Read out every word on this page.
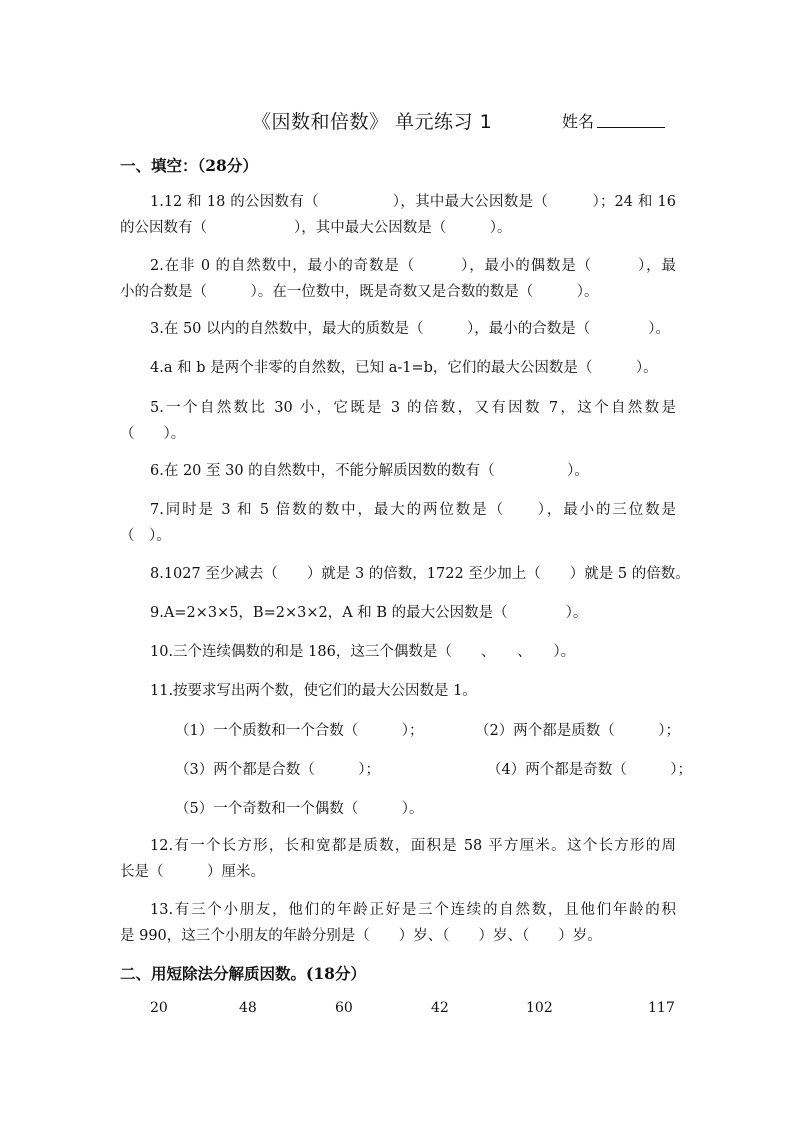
《因数和倍数》 单元练习 1	姓名
一、填空：（28分）
1.12 和 18 的公因数有（　　　　　），其中最大公因数是（　　　）；24 和 16
的公因数有（　　　　　　），其中最大公因数是（　　　）。
2.在非 0 的自然数中，最小的奇数是（　　　），最小的偶数是（　　　），最
小的合数是（　　　）。在一位数中，既是奇数又是合数的数是（　　　）。
3.在 50 以内的自然数中，最大的质数是（　　　），最小的合数是（　　　　）。
4.a 和 b 是两个非零的自然数，已知 a-1=b，它们的最大公因数是（　　　）。
5.一个自然数比 30 小，它既是 3 的倍数，又有因数 7，这个自然数是
（　　）。
6.在 20 至 30 的自然数中，不能分解质因数的数有（　　　　　）。
7.同时是 3 和 5 倍数的数中，最大的两位数是（　　），最小的三位数是
（　）。
8.1027 至少减去（　　）就是 3 的倍数，1722 至少加上（　　）就是 5 的倍数。
9.A=2×3×5，B=2×3×2，A 和 B 的最大公因数是（　　　　）。
10.三个连续偶数的和是 186，这三个偶数是（　　、　　、　　）。
11.按要求写出两个数，使它们的最大公因数是 1。
（1）一个质数和一个合数（　　　）；	（2）两个都是质数（　　　）；
（3）两个都是合数（　　　）；	（4）两个都是奇数（　　　）；
（5）一个奇数和一个偶数（　　　）。
12.有一个长方形，长和宽都是质数，面积是 58 平方厘米。这个长方形的周
长是（　　　）厘米。
13.有三个小朋友，他们的年龄正好是三个连续的自然数，且他们年龄的积
是 990，这三个小朋友的年龄分别是（　　）岁、（　　）岁、（　　）岁。
二、用短除法分解质因数。(18分）
20	48	60	42	102	117
